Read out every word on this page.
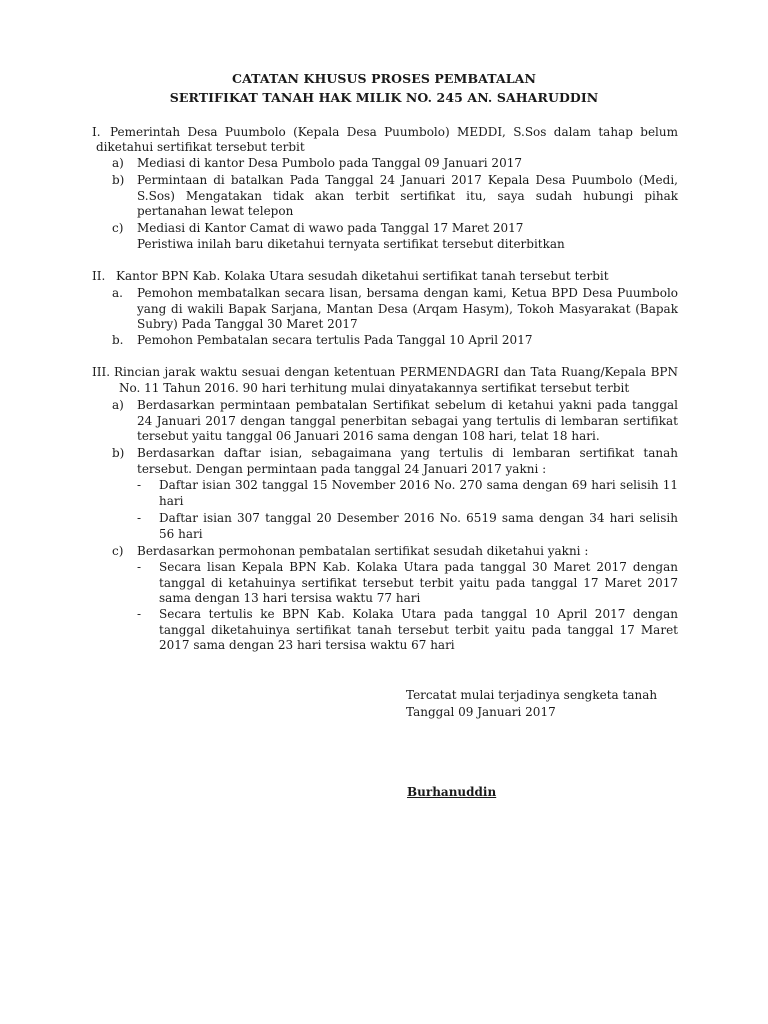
CATATAN KHUSUS PROSES PEMBATALAN
SERTIFIKAT TANAH HAK MILIK NO. 245 AN. SAHARUDDIN
I. Pemerintah Desa Puumbolo (Kepala Desa Puumbolo) MEDDI, S.Sos dalam tahap belum
diketahui sertifikat tersebut terbit
a) Mediasi di kantor Desa Pumbolo pada Tanggal 09 Januari 2017
b) Permintaan di batalkan Pada Tanggal 24 Januari 2017 Kepala Desa Puumbolo (Medi, S.Sos) Mengatakan tidak akan terbit sertifikat itu, saya sudah hubungi pihak pertanahan lewat telepon
c) Mediasi di Kantor Camat di wawo pada Tanggal 17 Maret 2017
Peristiwa inilah baru diketahui ternyata sertifikat tersebut diterbitkan
II. Kantor BPN Kab. Kolaka Utara sesudah diketahui sertifikat tanah tersebut terbit
a. Pemohon membatalkan secara lisan, bersama dengan kami, Ketua BPD Desa Puumbolo yang di wakili Bapak Sarjana, Mantan Desa (Arqam Hasym), Tokoh Masyarakat (Bapak Subry) Pada Tanggal 30 Maret 2017
b. Pemohon Pembatalan secara tertulis Pada Tanggal 10 April 2017
III. Rincian jarak waktu sesuai dengan ketentuan PERMENDAGRI dan Tata Ruang/Kepala BPN
No. 11 Tahun 2016. 90 hari terhitung mulai dinyatakannya sertifikat tersebut terbit
a) Berdasarkan permintaan pembatalan Sertifikat sebelum di ketahui yakni pada tanggal 24 Januari 2017 dengan tanggal penerbitan sebagai yang tertulis di lembaran sertifikat tersebut yaitu tanggal 06 Januari 2016 sama dengan 108 hari, telat 18 hari.
b) Berdasarkan daftar isian, sebagaimana yang tertulis di lembaran sertifikat tanah tersebut. Dengan permintaan pada tanggal 24 Januari 2017 yakni :
- Daftar isian 302 tanggal 15 November 2016 No. 270 sama dengan 69 hari selisih 11 hari
- Daftar isian 307 tanggal 20 Desember 2016 No. 6519 sama dengan 34 hari selisih 56 hari
c) Berdasarkan permohonan pembatalan sertifikat sesudah diketahui yakni :
- Secara lisan Kepala BPN Kab. Kolaka Utara pada tanggal 30 Maret 2017 dengan tanggal di ketahuinya sertifikat tersebut terbit yaitu pada tanggal 17 Maret 2017 sama dengan 13 hari tersisa waktu 77 hari
- Secara tertulis ke BPN Kab. Kolaka Utara pada tanggal 10 April 2017 dengan tanggal diketahuinya sertifikat tanah tersebut terbit yaitu pada tanggal 17 Maret 2017 sama dengan 23 hari tersisa waktu 67 hari
Tercatat mulai terjadinya sengketa tanah
Tanggal 09 Januari 2017
Burhanuddin
